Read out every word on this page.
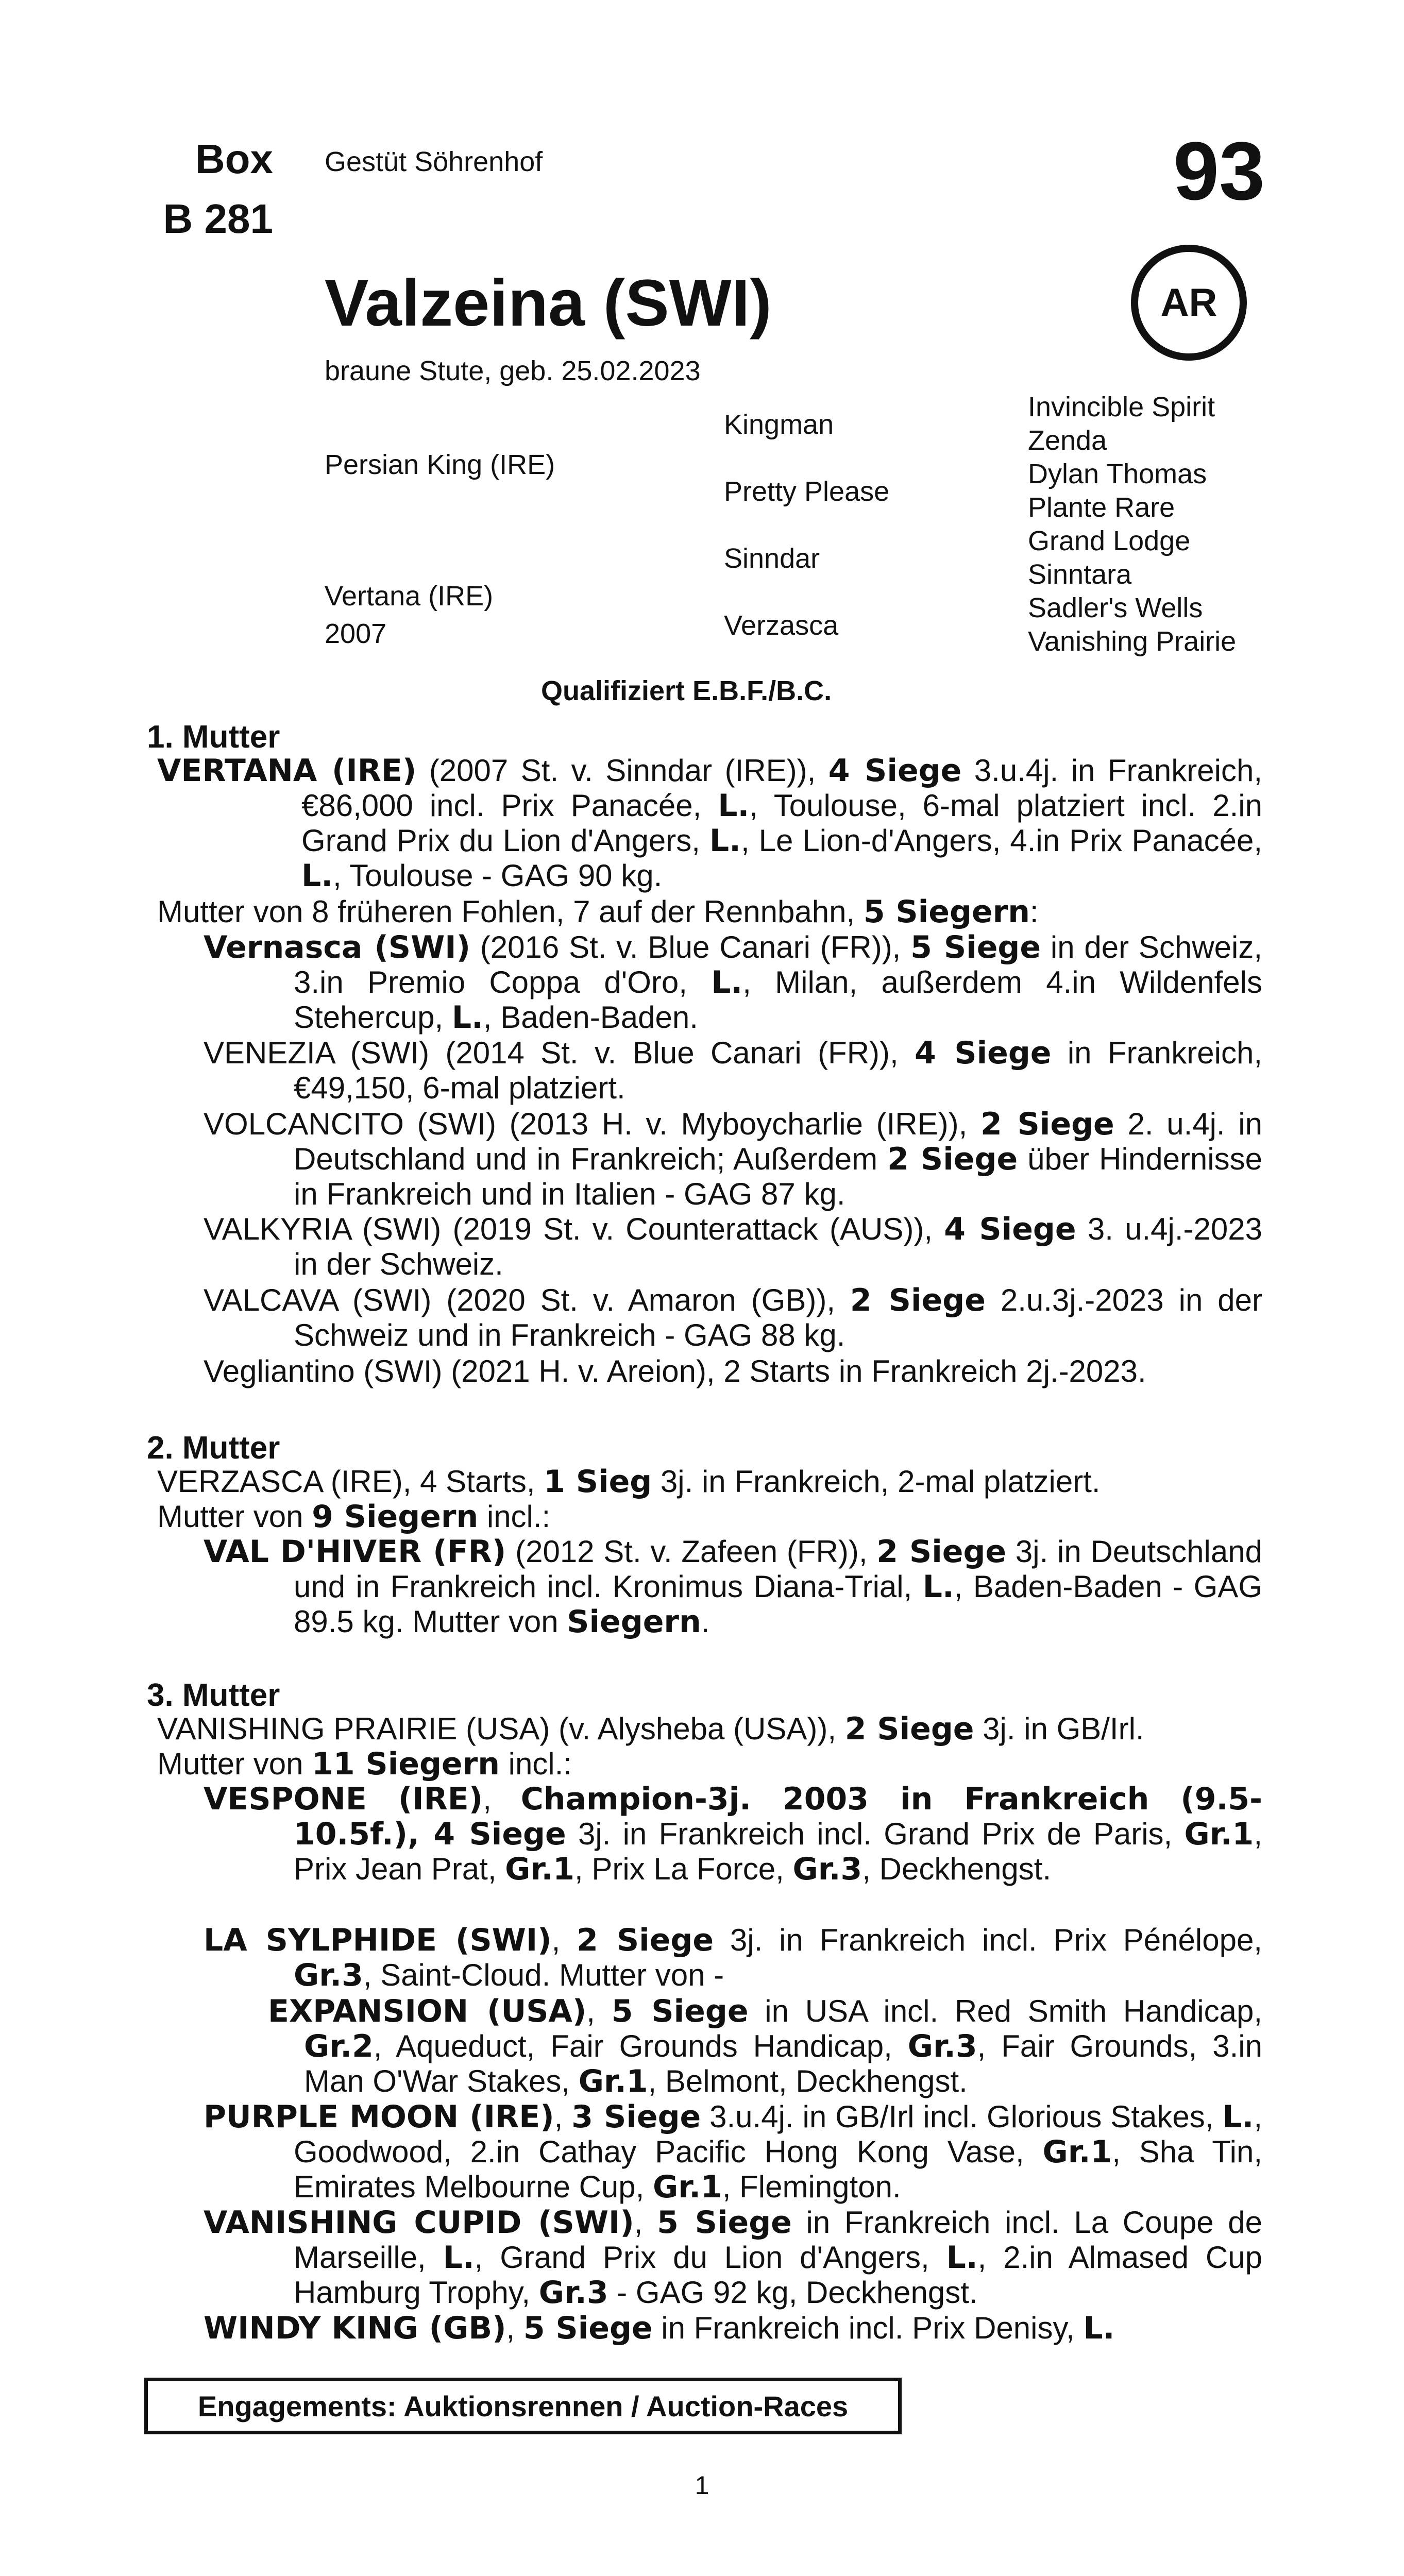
Box
B 281
Gestüt Söhrenhof	93
AR
Valzeina (SWI)
braune Stute, geb. 25.02.2023
Persian King (IRE)
Vertana (IRE)
2007
Kingman
Pretty Please
Sinndar
Verzasca
Invincible Spirit
Zenda
Dylan Thomas
Plante Rare
Grand Lodge
Sinntara
Sadler's Wells
Vanishing Prairie
Qualifiziert E.B.F./B.C.
1. Mutter
VERTANA (IRE) (2007 St. v. Sinndar (IRE)), 4 Siege 3.u.4j. in Frankreich, €86,000 incl. Prix Panacée, L., Toulouse, 6-mal platziert incl. 2.in Grand Prix du Lion d'Angers, L., Le Lion-d'Angers, 4.in Prix Panacée, L., Toulouse - GAG 90 kg.
Mutter von 8 früheren Fohlen, 7 auf der Rennbahn, 5 Siegern:
Vernasca (SWI) (2016 St. v. Blue Canari (FR)), 5 Siege in der Schweiz, 3.in Premio Coppa d'Oro, L., Milan, außerdem 4.in Wildenfels Stehercup, L., Baden-Baden.
VENEZIA (SWI) (2014 St. v. Blue Canari (FR)), 4 Siege in Frankreich, €49,150, 6-mal platziert.
VOLCANCITO (SWI) (2013 H. v. Myboycharlie (IRE)), 2 Siege 2. u.4j. in Deutschland und in Frankreich; Außerdem 2 Siege über Hindernisse in Frankreich und in Italien - GAG 87 kg.
VALKYRIA (SWI) (2019 St. v. Counterattack (AUS)), 4 Siege 3. u.4j.-2023 in der Schweiz.
VALCAVA (SWI) (2020 St. v. Amaron (GB)), 2 Siege 2.u.3j.-2023 in der Schweiz und in Frankreich - GAG 88 kg.
Vegliantino (SWI) (2021 H. v. Areion), 2 Starts in Frankreich 2j.-2023.
2. Mutter
VERZASCA (IRE), 4 Starts, 1 Sieg 3j. in Frankreich, 2-mal platziert.
Mutter von 9 Siegern incl.:
VAL D'HIVER (FR) (2012 St. v. Zafeen (FR)), 2 Siege 3j. in Deutschland und in Frankreich incl. Kronimus Diana-Trial, L., Baden-Baden - GAG 89.5 kg. Mutter von Siegern.
3. Mutter
VANISHING PRAIRIE (USA) (v. Alysheba (USA)), 2 Siege 3j. in GB/Irl.
Mutter von 11 Siegern incl.:
VESPONE (IRE), Champion-3j. 2003 in Frankreich (9.5-10.5f.), 4 Siege 3j. in Frankreich incl. Grand Prix de Paris, Gr.1, Prix Jean Prat, Gr.1, Prix La Force, Gr.3, Deckhengst.
LA SYLPHIDE (SWI), 2 Siege 3j. in Frankreich incl. Prix Pénélope, Gr.3, Saint-Cloud. Mutter von -
EXPANSION (USA), 5 Siege in USA incl. Red Smith Handicap, Gr.2, Aqueduct, Fair Grounds Handicap, Gr.3, Fair Grounds, 3.in Man O'War Stakes, Gr.1, Belmont, Deckhengst.
PURPLE MOON (IRE), 3 Siege 3.u.4j. in GB/Irl incl. Glorious Stakes, L., Goodwood, 2.in Cathay Pacific Hong Kong Vase, Gr.1, Sha Tin, Emirates Melbourne Cup, Gr.1, Flemington.
VANISHING CUPID (SWI), 5 Siege in Frankreich incl. La Coupe de Marseille, L., Grand Prix du Lion d'Angers, L., 2.in Almased Cup Hamburg Trophy, Gr.3 - GAG 92 kg, Deckhengst.
WINDY KING (GB), 5 Siege in Frankreich incl. Prix Denisy, L.
Engagements: Auktionsrennen / Auction-Races
1
